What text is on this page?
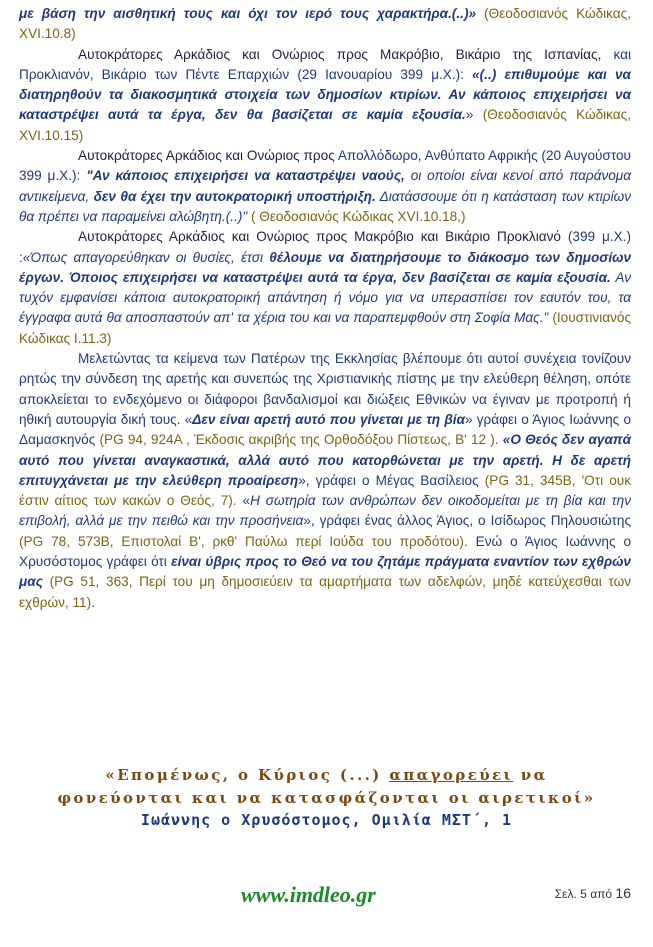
με βάση την αισθητική τους και όχι τον ιερό τους χαρακτήρα.(..)» (Θεοδοσιανός Κώδικας, XVI.10.8)

Αυτοκράτορες Αρκάδιος και Ονώριος προς Μακρόβιο, Βικάριο της Ισπανίας, και Προκλιανόν, Βικάριο των Πέντε Επαρχιών (29 Ιανουαρίου 399 μ.Χ.): «(..) επιθυμούμε και να διατηρηθούν τα διακοσμητικά στοιχεία των δημοσίων κτιρίων. Αν κάποιος επιχειρήσει να καταστρέψει αυτά τα έργα, δεν θα βασίζεται σε καμία εξουσία.» (Θεοδοσιανός Κώδικας, XVI.10.15)

Αυτοκράτορες Αρκάδιος και Ονώριος προς Απολλόδωρο, Ανθύπατο Αφρικής (20 Αυγούστου 399 μ.Χ.): "Αν κάποιος επιχειρήσει να καταστρέψει ναούς, οι οποίοι είναι κενοί από παράνομα αντικείμενα, δεν θα έχει την αυτοκρατορική υποστήριξη. Διατάσσουμε ότι η κατάσταση των κτιρίων θα πρέπει να παραμείνει αλώβητη.(..)" ( Θεοδοσιανός Κώδικας XVI.10.18,)

Αυτοκράτορες Αρκάδιος και Ονώριος προς Μακρόβιο και Βικάριο Προκλιανό (399 μ.Χ.) :«Όπως απαγορεύθηκαν οι θυσίες, έτσι θέλουμε να διατηρήσουμε το διάκοσμο των δημοσίων έργων. Όποιος επιχειρήσει να καταστρέψει αυτά τα έργα, δεν βασίζεται σε καμία εξουσία. Αν τυχόν εμφανίσει κάποια αυτοκρατορική απάντηση ή νόμο για να υπερασπίσει τον εαυτόν του, τα έγγραφα αυτά θα αποσπαστούν απ' τα χέρια του και να παραπεμφθούν στη Σοφία Μας." (Ιουστινιανός Κώδικας I.11.3)

Μελετώντας τα κείμενα των Πατέρων της Εκκλησίας βλέπουμε ότι αυτοί συνέχεια τονίζουν ρητώς την σύνδεση της αρετής και συνεπώς της Χριστιανικής πίστης με την ελεύθερη θέληση, οπότε αποκλείεται το ενδεχόμενο οι διάφοροι βανδαλισμοί και διώξεις Εθνικών να έγιναν με προτροπή ή ηθική αυτουργία δική τους. «Δεν είναι αρετή αυτό που γίνεται με τη βία» γράφει ο Άγιος Ιωάννης ο Δαμασκηνός (PG 94, 924A , Έκδοσις ακριβής της Ορθοδόξου Πίστεως, Β' 12 ). «Ο Θεός δεν αγαπά αυτό που γίνεται αναγκαστικά, αλλά αυτό που κατορθώνεται με την αρετή. Η δε αρετή επιτυγχάνεται με την ελεύθερη προαίρεση», γράφει ο Μέγας Βασίλειος (PG 31, 345B, 'Οτι ουκ έστιν αίτιος των κακών ο Θεός, 7). «Η σωτηρία των ανθρώπων δεν οικοδομείται με τη βία και την επιβολή, αλλά με την πειθώ και την προσήνεια», γράφει ένας άλλος Άγιος, ο Ισίδωρος Πηλουσιώτης (PG 78, 573B, Επιστολαί Β', ρκθ' Παύλω περί Ιούδα του προδότου). Ενώ ο Άγιος Ιωάννης ο Χρυσόστομος γράφει ότι είναι ύβρις προς το Θεό να του ζητάμε πράγματα εναντίον των εχθρών μας (PG 51, 363, Περί του μη δημοσιεύειν τα αμαρτήματα των αδελφών, μηδέ κατεύχεσθαι των εχθρών, 11).

«Επομένως, ο Κύριος (...) απαγορεύει να
φονεύονται και να κατασφάζονται οι αιρετικοί»
Ιωάννης ο Χρυσόστομος, Ομιλία ΜΣΤ΄, 1
www.imdleo.gr	Σελ. 5 από 16
